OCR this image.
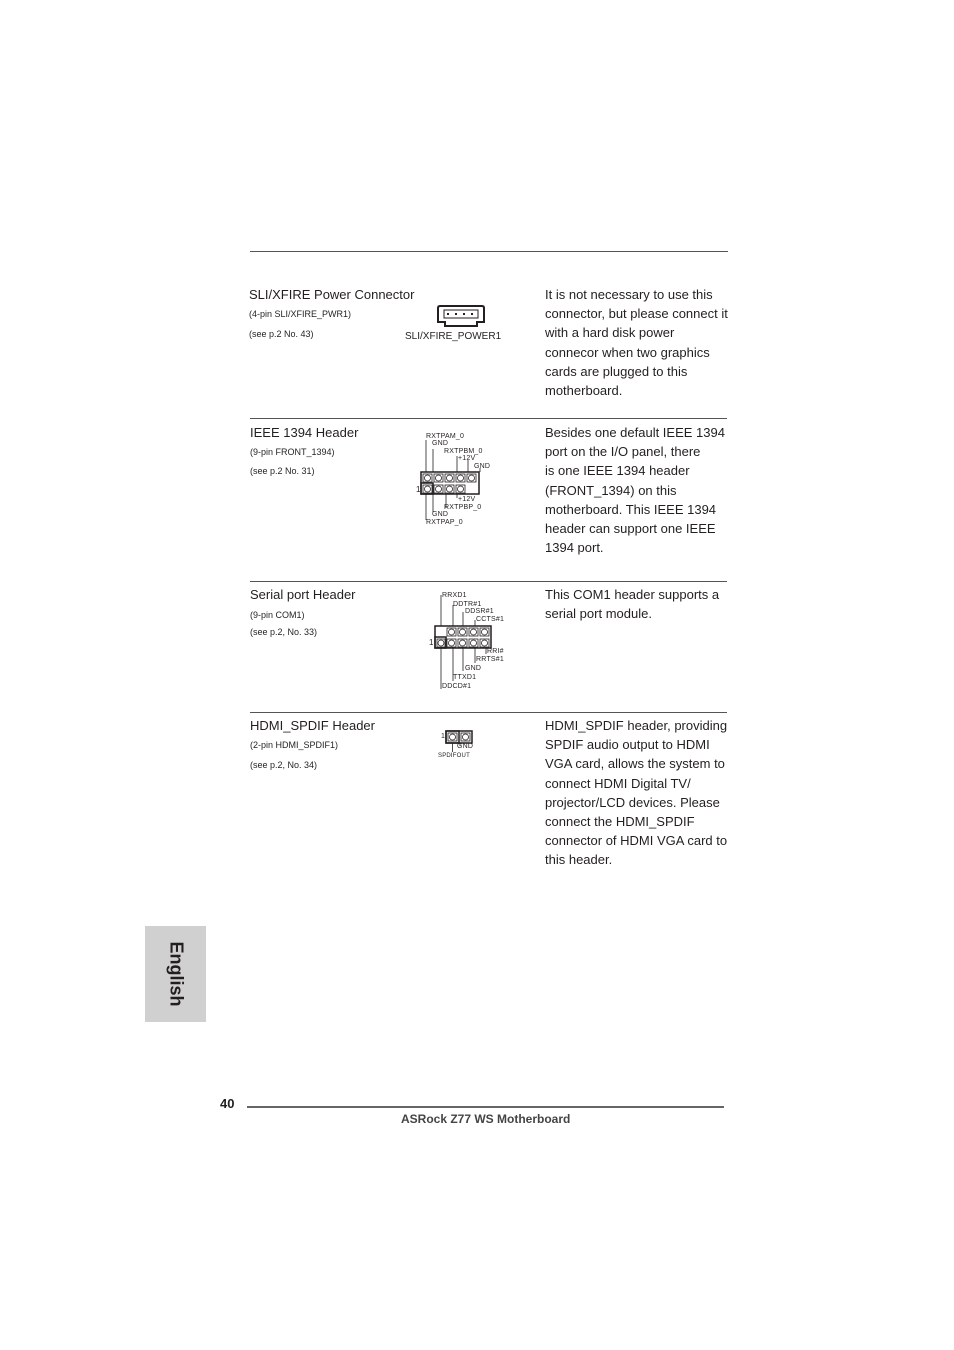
SLI/XFIRE Power Connector
(4-pin SLI/XFIRE_PWR1)
(see p.2 No. 43)	SLI/XFIRE_POWER1
It is not necessary to use this
connector, but please connect it
with a hard disk power
connecor when two graphics
cards are plugged to this
motherboard.
IEEE 1394 Header
(9-pin FRONT_1394)
(see p.2 No. 31)
RXTPAM_0
GND
RXTPBM_0
+12V
GND
1
+12V
RXTPBP_0
GND
RXTPAP_0
Besides one default IEEE 1394
port on the I/O panel, there
is one IEEE 1394 header
(FRONT_1394) on this
motherboard. This IEEE 1394
header can support one IEEE
1394 port.
Serial port Header
(9-pin COM1)
(see p.2, No. 33)
RRXD1
DDTR#1
DDSR#1
CCTS#1
1
RRI#
RRTS#1
GND
TTXD1
DDCD#1
This COM1 header supports a
serial port module.
HDMI_SPDIF Header
(2-pin HDMI_SPDIF1)
(see p.2, No. 34)
1
GND
SPDIFOUT
HDMI_SPDIF header, providing
SPDIF audio output to HDMI
VGA card, allows the system to
connect HDMI Digital TV/
projector/LCD devices. Please
connect the HDMI_SPDIF
connector of HDMI VGA card to
this header.
English
40
ASRock Z77 WS Motherboard
